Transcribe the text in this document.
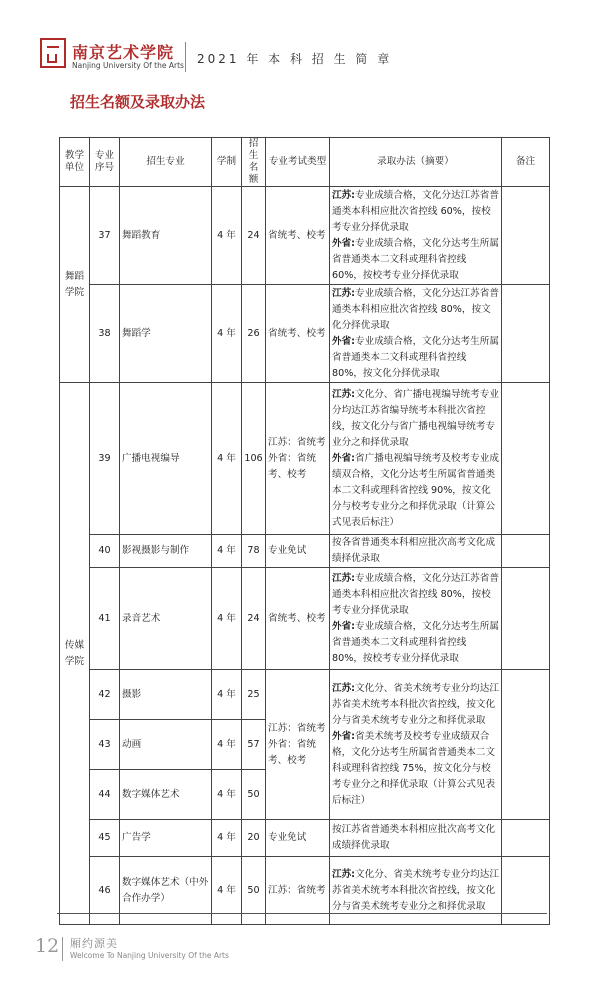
南京艺术学院
Nanjing University Of the Arts 2021 年 本 科 招 生 简 章
招生名额及录取办法
教学单位	专业序号	招生专业	学制	招生名额	专业考试类型	录取办法（摘要）	备注
舞蹈学院	37	舞蹈教育	4 年	24	省统考、校考	江苏:专业成绩合格，文化分达江苏省普通类本科相应批次省控线 60%，按校考专业分择优录取
外省:专业成绩合格，文化分达考生所属省普通类本二文科或理科省控线 60%，按校考专业分择优录取	
	38	舞蹈学	4 年	26	省统考、校考	江苏:专业成绩合格，文化分达江苏省普通类本科相应批次省控线 80%，按文化分择优录取
外省:专业成绩合格，文化分达考生所属省普通类本二文科或理科省控线 80%，按文化分择优录取	
传媒学院	39	广播电视编导	4 年	106	江苏：省统考外省：省统考、校考	江苏:文化分、省广播电视编导统考专业分均达江苏省编导统考本科批次省控线，按文化分与省广播电视编导统考专业分之和择优录取
外省:省广播电视编导统考及校考专业成绩双合格，文化分达考生所属省普通类本二文科或理科省控线 90%，按文化分与校考专业分之和择优录取（计算公式见表后标注）	
	40	影视摄影与制作	4 年	78	专业免试	按各省普通类本科相应批次高考文化成绩择优录取	
	41	录音艺术	4 年	24	省统考、校考	江苏:专业成绩合格，文化分达江苏省普通类本科相应批次省控线 80%，按校考专业分择优录取
外省:专业成绩合格，文化分达考生所属省普通类本二文科或理科省控线 80%，按校考专业分择优录取	
	42	摄影	4 年	25	江苏：省统考外省：省统考、校考	江苏:文化分、省美术统考专业分均达江苏省美术统考本科批次省控线，按文化分与省美术统考专业分之和择优录取
外省:省美术统考及校考专业成绩双合格，文化分达考生所属省普通类本二文科或理科省控线 75%，按文化分与校考专业分之和择优录取（计算公式见表后标注）	
	43	动画	4 年	57			
	44	数字媒体艺术	4 年	50			
	45	广告学	4 年	20	专业免试	按江苏省普通类本科相应批次高考文化成绩择优录取	
	46	数字媒体艺术（中外合作办学）	4 年	50	江苏：省统考	江苏:文化分、省美术统考专业分均达江苏省美术统考本科批次省控线，按文化分与省美术统考专业分之和择优录取	
12 厢约源美
Welcome To Nanjing University Of the Arts
